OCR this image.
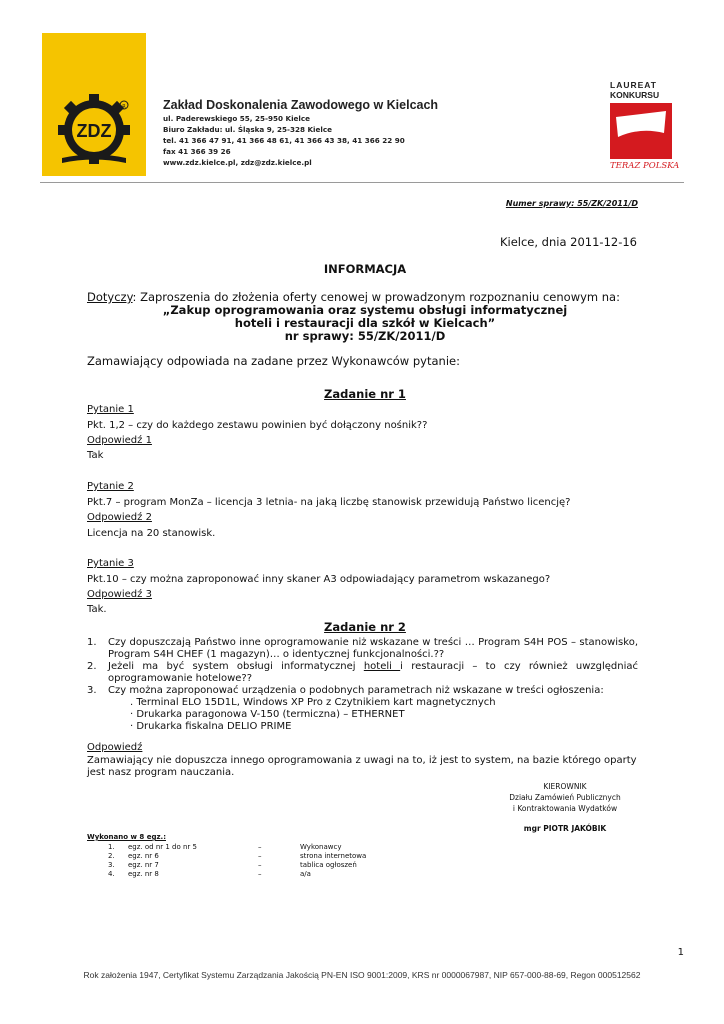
ZDZ
R	Zakład Doskonalenia Zawodowego w Kielcach
ul. Paderewskiego 55, 25-950 Kielce
Biuro Zakładu: ul. Śląska 9, 25-328 Kielce
tel. 41 366 47 91, 41 366 48 61, 41 366 43 38, 41 366 22 90
fax 41 366 39 26
www.zdz.kielce.pl, zdz@zdz.kielce.pl
LAUREAT
KONKURSU
TERAZ POLSKA
Numer sprawy: 55/ZK/2011/D
Kielce, dnia 2011-12-16
INFORMACJA
Dotyczy: Zaproszenia do złożenia oferty cenowej w prowadzonym rozpoznaniu cenowym na:
„Zakup oprogramowania oraz systemu obsługi informatycznej
hoteli i restauracji dla szkół w Kielcach”
nr sprawy: 55/ZK/2011/D
Zamawiający odpowiada na zadane przez Wykonawców pytanie:
Zadanie nr 1
Pytanie 1
Pkt. 1,2 – czy do każdego zestawu powinien być dołączony nośnik??
Odpowiedź 1
Tak
Pytanie 2
Pkt.7 – program MonZa – licencja 3 letnia- na jaką liczbę stanowisk przewidują Państwo licencję?
Odpowiedź 2
Licencja na 20 stanowisk.
Pytanie 3
Pkt.10 – czy można zaproponować inny skaner A3 odpowiadający parametrom wskazanego?
Odpowiedź 3
Tak.
Zadanie nr 2
1. Czy dopuszczają Państwo inne oprogramowanie niż wskazane w treści … Program S4H POS – stanowisko,
Program S4H CHEF (1 magazyn)… o identycznej funkcjonalności.??
2. Jeżeli ma być system obsługi informatycznej hoteli i restauracji – to czy również uwzględniać
oprogramowanie hotelowe??
3. Czy można zaproponować urządzenia o podobnych parametrach niż wskazane w treści ogłoszenia:
. Terminal ELO 15D1L, Windows XP Pro z Czytnikiem kart magnetycznych
· Drukarka paragonowa V-150 (termiczna) – ETHERNET
· Drukarka fiskalna DELIO PRIME
Odpowiedź
Zamawiający nie dopuszcza innego oprogramowania z uwagi na to, iż jest to system, na bazie którego oparty
jest nasz program nauczania.
KIEROWNIK
Działu Zamówień Publicznych
i Kontraktowania Wydatków
mgr PIOTR JAKÓBIK
Wykonano w 8 egz.:
1. egz. od nr 1 do nr 5	–	Wykonawcy
2. egz. nr 6	–	strona internetowa
3. egz. nr 7	–	tablica ogłoszeń
4. egz. nr 8	–	a/a
1
Rok założenia 1947, Certyfikat Systemu Zarządzania Jakością PN-EN ISO 9001:2009, KRS nr 0000067987, NIP 657-000-88-69, Regon 000512562
